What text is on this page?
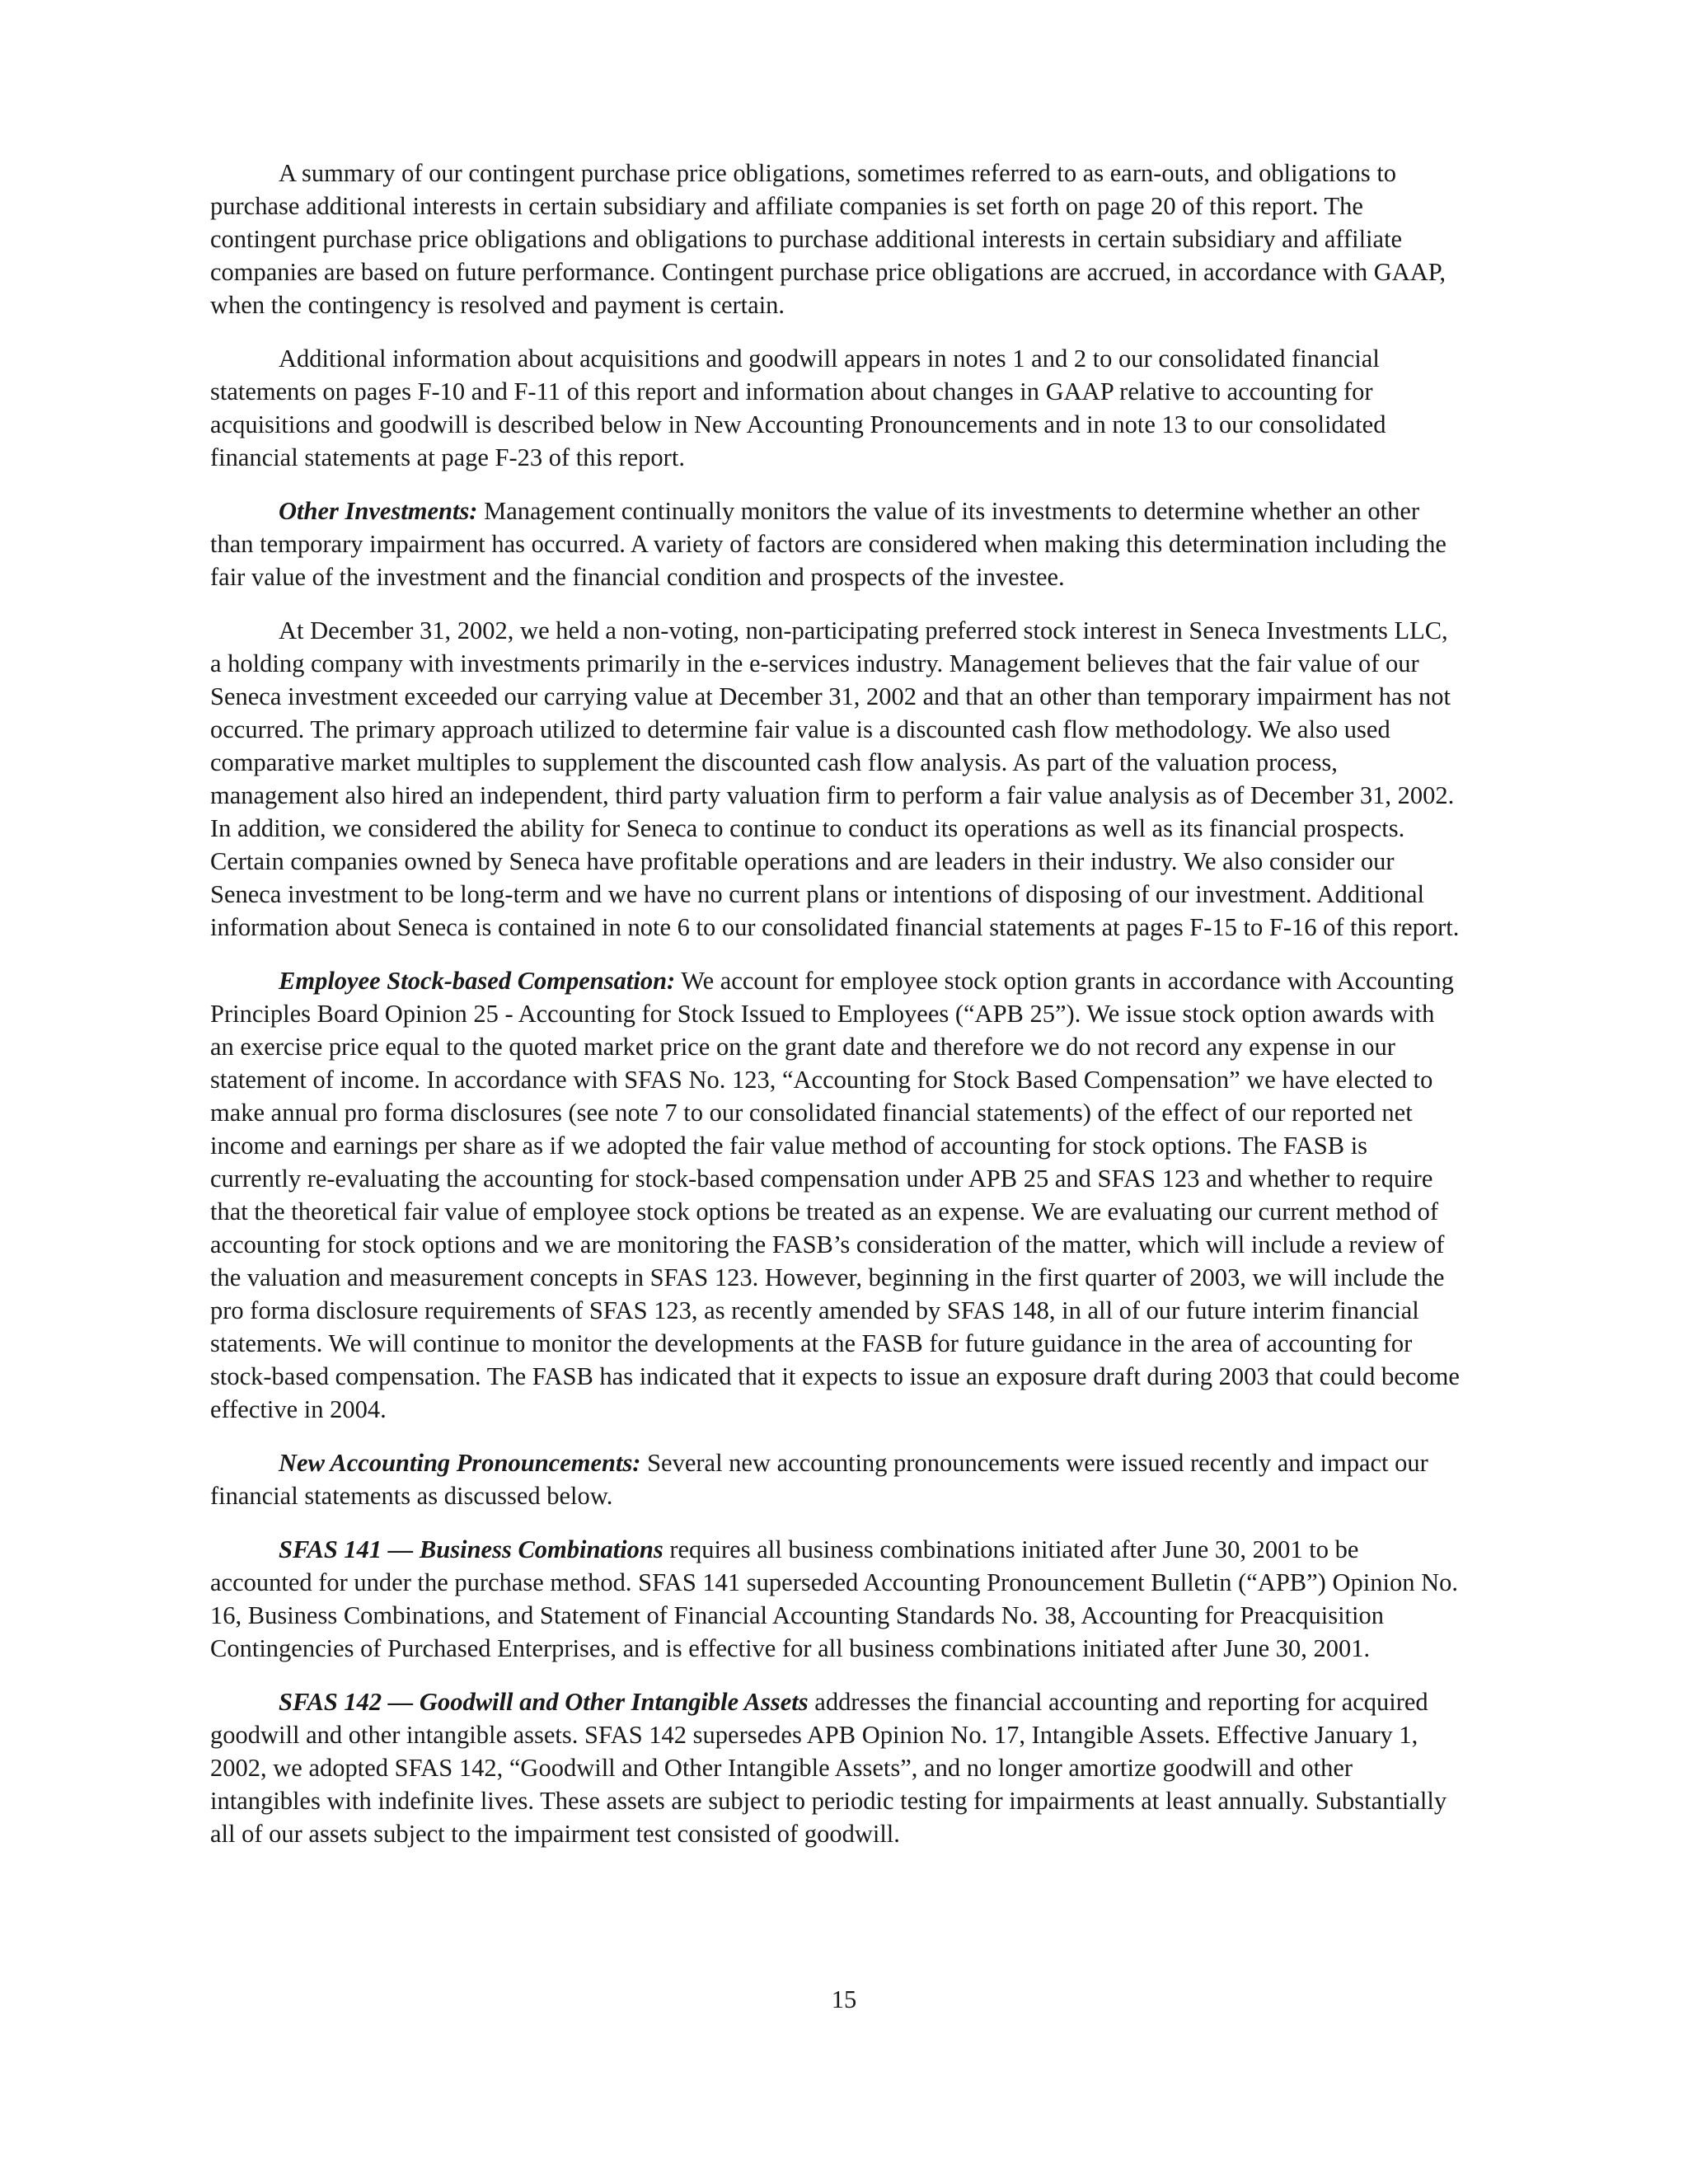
A summary of our contingent purchase price obligations, sometimes referred to as earn-outs, and obligations to purchase additional interests in certain subsidiary and affiliate companies is set forth on page 20 of this report. The contingent purchase price obligations and obligations to purchase additional interests in certain subsidiary and affiliate companies are based on future performance. Contingent purchase price obligations are accrued, in accordance with GAAP, when the contingency is resolved and payment is certain.

Additional information about acquisitions and goodwill appears in notes 1 and 2 to our consolidated financial statements on pages F-10 and F-11 of this report and information about changes in GAAP relative to accounting for acquisitions and goodwill is described below in New Accounting Pronouncements and in note 13 to our consolidated financial statements at page F-23 of this report.

Other Investments: Management continually monitors the value of its investments to determine whether an other than temporary impairment has occurred. A variety of factors are considered when making this determination including the fair value of the investment and the financial condition and prospects of the investee.

At December 31, 2002, we held a non-voting, non-participating preferred stock interest in Seneca Investments LLC, a holding company with investments primarily in the e-services industry. Management believes that the fair value of our Seneca investment exceeded our carrying value at December 31, 2002 and that an other than temporary impairment has not occurred. The primary approach utilized to determine fair value is a discounted cash flow methodology. We also used comparative market multiples to supplement the discounted cash flow analysis. As part of the valuation process, management also hired an independent, third party valuation firm to perform a fair value analysis as of December 31, 2002. In addition, we considered the ability for Seneca to continue to conduct its operations as well as its financial prospects. Certain companies owned by Seneca have profitable operations and are leaders in their industry. We also consider our Seneca investment to be long-term and we have no current plans or intentions of disposing of our investment. Additional information about Seneca is contained in note 6 to our consolidated financial statements at pages F-15 to F-16 of this report.

Employee Stock-based Compensation: We account for employee stock option grants in accordance with Accounting Principles Board Opinion 25 - Accounting for Stock Issued to Employees (“APB 25”). We issue stock option awards with an exercise price equal to the quoted market price on the grant date and therefore we do not record any expense in our statement of income. In accordance with SFAS No. 123, “Accounting for Stock Based Compensation” we have elected to make annual pro forma disclosures (see note 7 to our consolidated financial statements) of the effect of our reported net income and earnings per share as if we adopted the fair value method of accounting for stock options. The FASB is currently re-evaluating the accounting for stock-based compensation under APB 25 and SFAS 123 and whether to require that the theoretical fair value of employee stock options be treated as an expense. We are evaluating our current method of accounting for stock options and we are monitoring the FASB’s consideration of the matter, which will include a review of the valuation and measurement concepts in SFAS 123. However, beginning in the first quarter of 2003, we will include the pro forma disclosure requirements of SFAS 123, as recently amended by SFAS 148, in all of our future interim financial statements. We will continue to monitor the developments at the FASB for future guidance in the area of accounting for stock-based compensation. The FASB has indicated that it expects to issue an exposure draft during 2003 that could become effective in 2004.

New Accounting Pronouncements: Several new accounting pronouncements were issued recently and impact our financial statements as discussed below.

SFAS 141 — Business Combinations requires all business combinations initiated after June 30, 2001 to be accounted for under the purchase method. SFAS 141 superseded Accounting Pronouncement Bulletin (“APB”) Opinion No. 16, Business Combinations, and Statement of Financial Accounting Standards No. 38, Accounting for Preacquisition Contingencies of Purchased Enterprises, and is effective for all business combinations initiated after June 30, 2001.

SFAS 142 — Goodwill and Other Intangible Assets addresses the financial accounting and reporting for acquired goodwill and other intangible assets. SFAS 142 supersedes APB Opinion No. 17, Intangible Assets. Effective January 1, 2002, we adopted SFAS 142, “Goodwill and Other Intangible Assets”, and no longer amortize goodwill and other intangibles with indefinite lives. These assets are subject to periodic testing for impairments at least annually. Substantially all of our assets subject to the impairment test consisted of goodwill.

15
